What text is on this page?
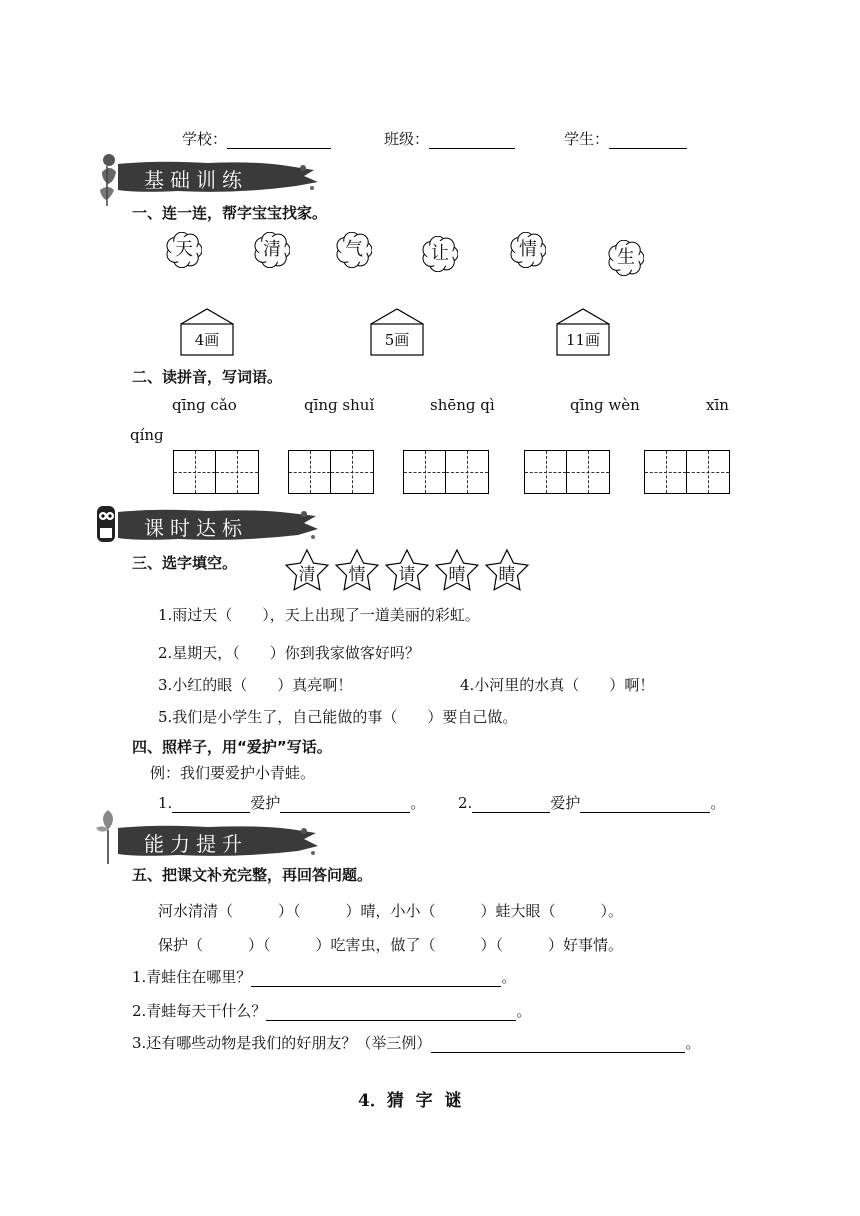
学校：	班级：	学生：
基础训练
一、连一连，帮字宝宝找家。
天	清	气	让	情	生
4画	5画	11画
二、读拼音，写词语。
qīnɡ cǎo	qīnɡ shuǐ	shēnɡ qì	qīnɡ wèn	xīn
qínɡ
课时达标
三、选字填空。
清	情	请	晴	睛
1.雨过天（　　），天上出现了一道美丽的彩虹。
2.星期天，（　　）你到我家做客好吗？
3.小红的眼（　　）真亮啊！	4.小河里的水真（　　）啊！
5.我们是小学生了，自己能做的事（　　）要自己做。
四、照样子，用“爱护”写话。
例：我们要爱护小青蛙。
1.	爱护	。 2.	爱护	。
能力提升
五、把课文补充完整，再回答问题。
河水清清（　　　）（　　　）晴，小小（　　　）蛙大眼（　　　）。
保护（　　　）（　　　）吃害虫，做了（　　　）（　　　）好事情。
1.青蛙住在哪里？	。
2.青蛙每天干什么？	。
3.还有哪些动物是我们的好朋友？（举三例）	。
4．猜  字  谜
